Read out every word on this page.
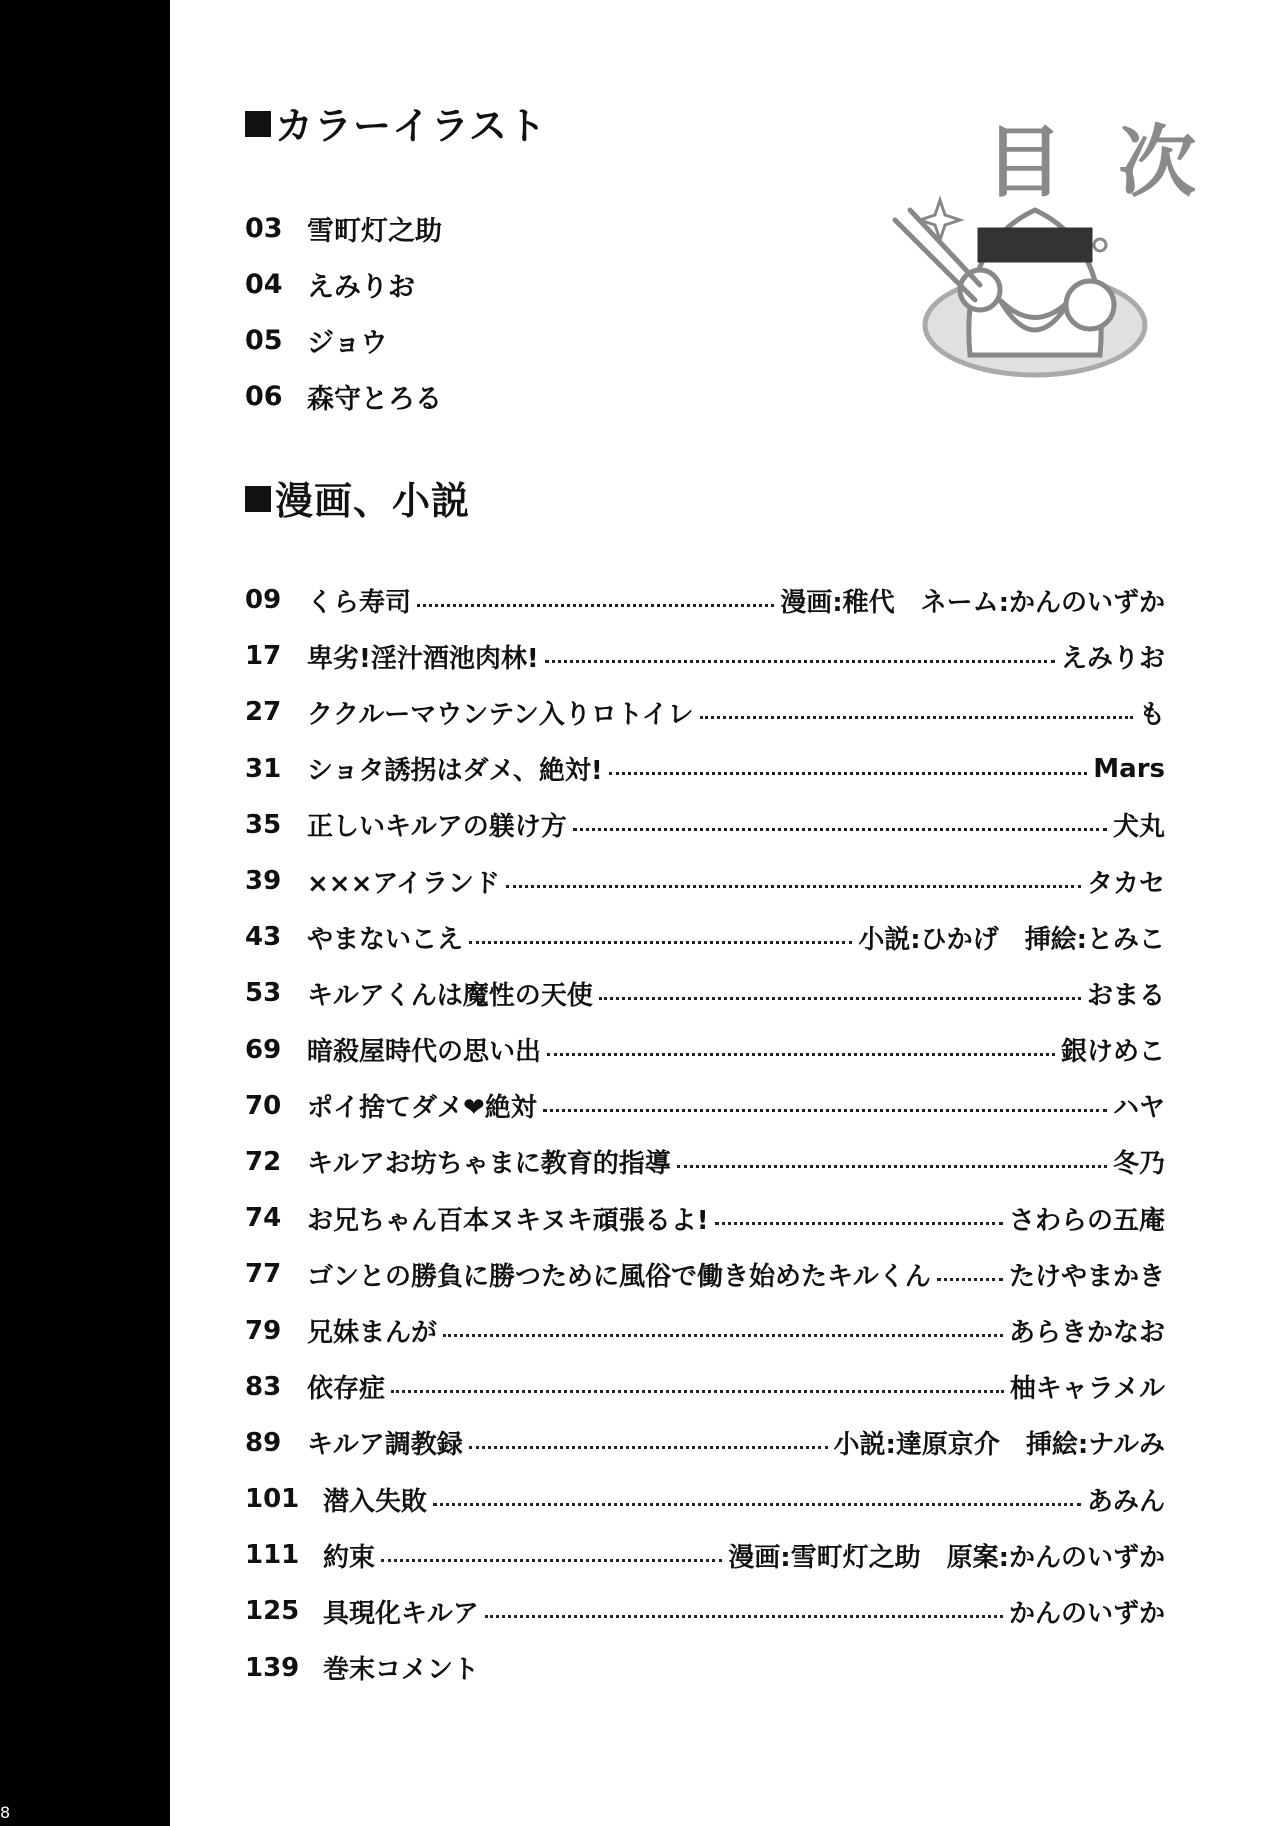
8
カラーイラスト	目 次
03 雪町灯之助
04 えみりお
05 ジョウ
06 森守とろる
漫画、小説
09 くら寿司	漫画:稚代　ネーム:かんのいずか
17 卑劣!淫汁酒池肉林!	えみりお
27 ククルーマウンテン入りロトイレ	も
31 ショタ誘拐はダメ、絶対!	Mars
35 正しいキルアの躾け方	犬丸
39 ×××アイランド	タカセ
43 やまないこえ	小説:ひかげ　挿絵:とみこ
53 キルアくんは魔性の天使	おまる
69 暗殺屋時代の思い出	銀けめこ
70 ポイ捨てダメ❤絶対	ハヤ
72 キルアお坊ちゃまに教育的指導	冬乃
74 お兄ちゃん百本ヌキヌキ頑張るよ!	さわらの五庵
77 ゴンとの勝負に勝つために風俗で働き始めたキルくん	たけやまかき
79 兄妹まんが	あらきかなお
83 依存症	柚キャラメル
89 キルア調教録	小説:達原京介　挿絵:ナルみ
101 潜入失敗	あみん
111 約束	漫画:雪町灯之助　原案:かんのいずか
125 具現化キルア	かんのいずか
139 巻末コメント
